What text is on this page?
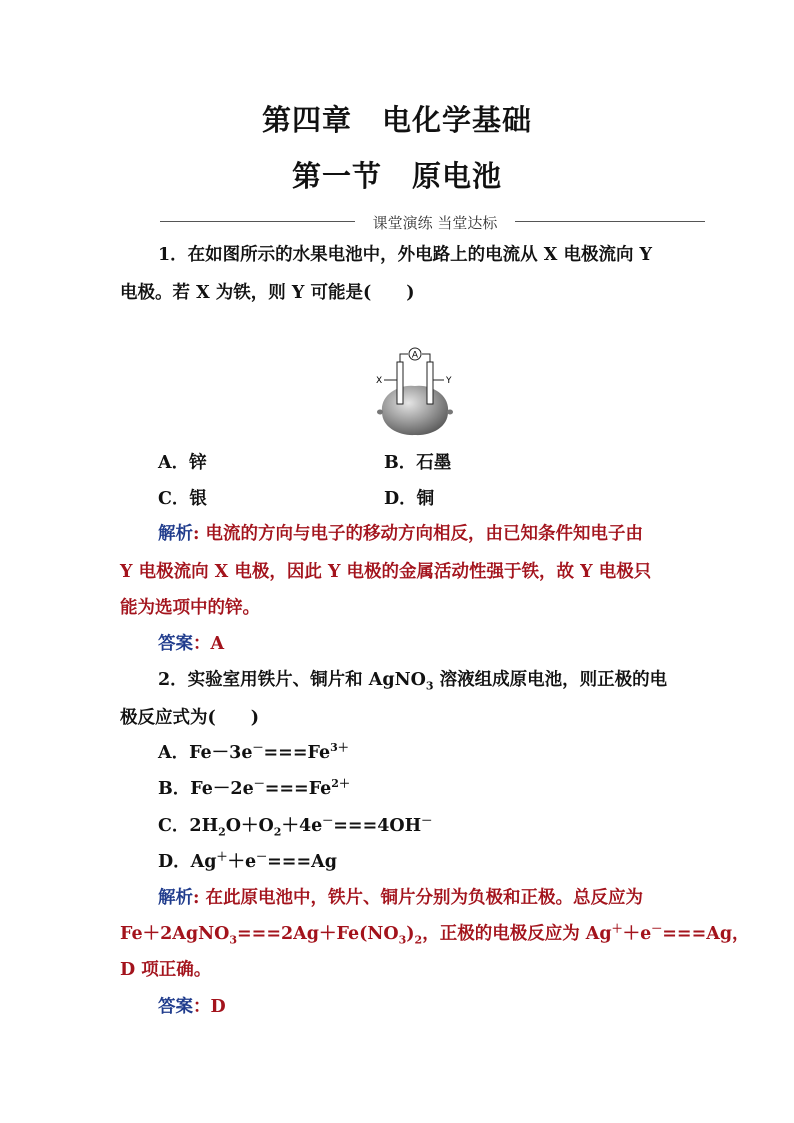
第四章　电化学基础
第一节　原电池
课堂演练 当堂达标
1．在如图所示的水果电池中，外电路上的电流从 X 电极流向 Y
电极。若 X 为铁，则 Y 可能是(　　)
A
X	Y
A．锌	B．石墨
C．银	D．铜
解析: 电流的方向与电子的移动方向相反，由已知条件知电子由
Y 电极流向 X 电极，因此 Y 电极的金属活动性强于铁，故 Y 电极只
能为选项中的锌。
答案：A
2．实验室用铁片、铜片和 AgNO$_3$ 溶液组成原电池，则正极的电
极反应式为(　　)
A．$Fe-3e^-===Fe^{3+}$
B．$Fe-2e^-===Fe^{2+}$
C．$2H_2O+O_2+4e^-===4OH^-$
D．Ag＋＋e－===Ag
解析: 在此原电池中，铁片、铜片分别为负极和正极。总反应为
$Fe+2AgNO_3===2Ag+Fe(NO_3)_2$，正极的电极反应为 Ag＋＋e－===Ag，
D 项正确。
答案：D
